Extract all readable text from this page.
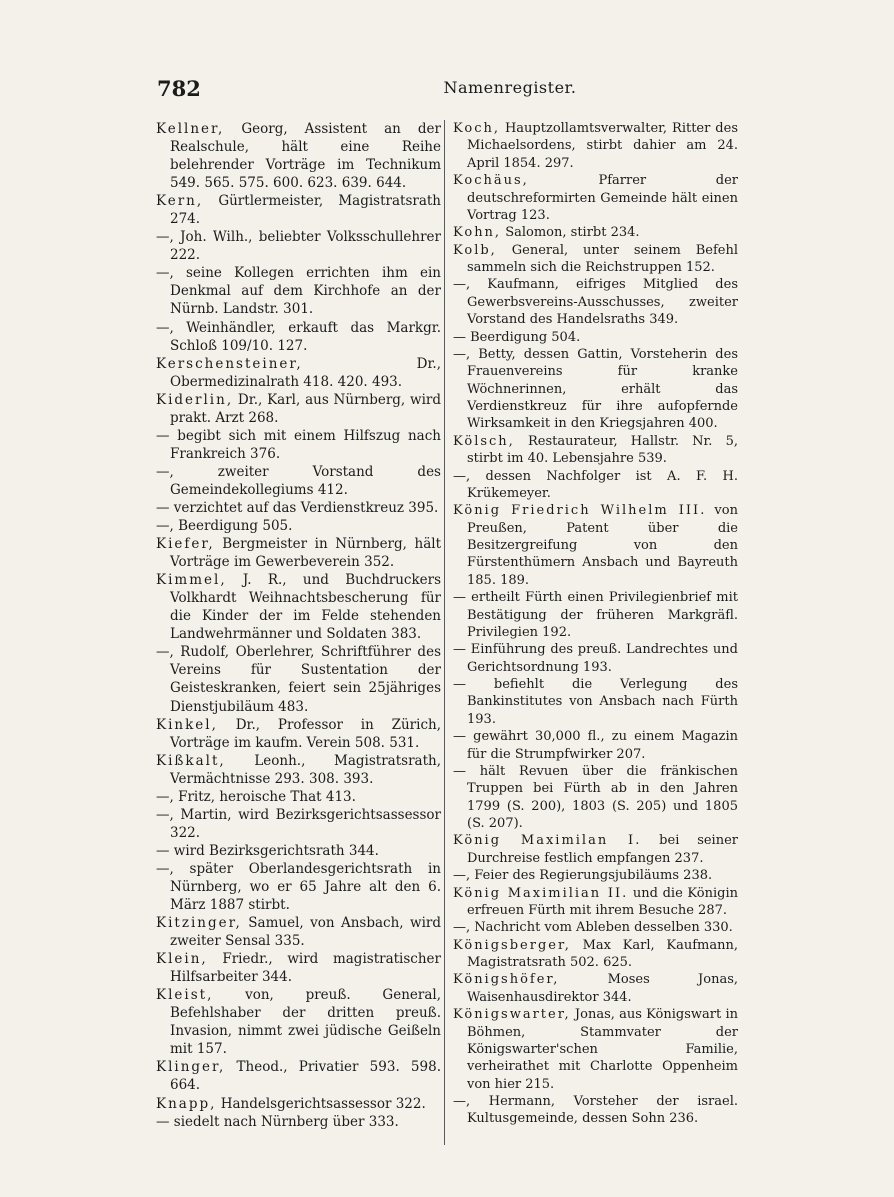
782	Namenregister.

Kellner, Georg, Assistent an der Realschule, hält eine Reihe belehrender Vorträge im Technikum 549. 565. 575. 600. 623. 639. 644.

Kern, Gürtlermeister, Magistratsrath 274.

—, Joh. Wilh., beliebter Volksschullehrer 222.

—, seine Kollegen errichten ihm ein Denkmal auf dem Kirchhofe an der Nürnb. Landstr. 301.

—, Weinhändler, erkauft das Markgr. Schloß 109/10. 127.

Kerschensteiner, Dr., Obermedizinalrath 418. 420. 493.

Kiderlin, Dr., Karl, aus Nürnberg, wird prakt. Arzt 268.

— begibt sich mit einem Hilfszug nach Frankreich 376.

—, zweiter Vorstand des Gemeindekollegiums 412.

— verzichtet auf das Verdienstkreuz 395.

—, Beerdigung 505.

Kiefer, Bergmeister in Nürnberg, hält Vorträge im Gewerbeverein 352.

Kimmel, J. R., und Buchdruckers Volkhardt Weihnachtsbescherung für die Kinder der im Felde stehenden Landwehrmänner und Soldaten 383.

—, Rudolf, Oberlehrer, Schriftführer des Vereins für Sustentation der Geisteskranken, feiert sein 25jähriges Dienstjubiläum 483.

Kinkel, Dr., Professor in Zürich, Vorträge im kaufm. Verein 508. 531.

Kißkalt, Leonh., Magistratsrath, Vermächtnisse 293. 308. 393.

—, Fritz, heroische That 413.

—, Martin, wird Bezirksgerichtsassessor 322.

— wird Bezirksgerichtsrath 344.

—, später Oberlandesgerichtsrath in Nürnberg, wo er 65 Jahre alt den 6. März 1887 stirbt.

Kitzinger, Samuel, von Ansbach, wird zweiter Sensal 335.

Klein, Friedr., wird magistratischer Hilfsarbeiter 344.

Kleist, von, preuß. General, Befehlshaber der dritten preuß. Invasion, nimmt zwei jüdische Geißeln mit 157.

Klinger, Theod., Privatier 593. 598. 664.

Knapp, Handelsgerichtsassessor 322.

— siedelt nach Nürnberg über 333.

Koch, Hauptzollamtsverwalter, Ritter des Michaelsordens, stirbt dahier am 24. April 1854. 297.

Kochäus, Pfarrer der deutschreformirten Gemeinde hält einen Vortrag 123.

Kohn, Salomon, stirbt 234.

Kolb, General, unter seinem Befehl sammeln sich die Reichstruppen 152.

—, Kaufmann, eifriges Mitglied des Gewerbsvereins-Ausschusses, zweiter Vorstand des Handelsraths 349.

— Beerdigung 504.

—, Betty, dessen Gattin, Vorsteherin des Frauenvereins für kranke Wöchnerinnen, erhält das Verdienstkreuz für ihre aufopfernde Wirksamkeit in den Kriegsjahren 400.

Kölsch, Restaurateur, Hallstr. Nr. 5, stirbt im 40. Lebensjahre 539.

—, dessen Nachfolger ist A. F. H. Krükemeyer.

König Friedrich Wilhelm III. von Preußen, Patent über die Besitzergreifung von den Fürstenthümern Ansbach und Bayreuth 185. 189.

— ertheilt Fürth einen Privilegienbrief mit Bestätigung der früheren Markgräfl. Privilegien 192.

— Einführung des preuß. Landrechtes und Gerichtsordnung 193.

— befiehlt die Verlegung des Bankinstitutes von Ansbach nach Fürth 193.

— gewährt 30,000 fl., zu einem Magazin für die Strumpfwirker 207.

— hält Revuen über die fränkischen Truppen bei Fürth ab in den Jahren 1799 (S. 200), 1803 (S. 205) und 1805 (S. 207).

König Maximilan I. bei seiner Durchreise festlich empfangen 237.

—, Feier des Regierungsjubiläums 238.

König Maximilian II. und die Königin erfreuen Fürth mit ihrem Besuche 287.

—, Nachricht vom Ableben desselben 330.

Königsberger, Max Karl, Kaufmann, Magistratsrath 502. 625.

Königshöfer, Moses Jonas, Waisenhausdirektor 344.

Königswarter, Jonas, aus Königswart in Böhmen, Stammvater der Königswarter'schen Familie, verheirathet mit Charlotte Oppenheim von hier 215.

—, Hermann, Vorsteher der israel. Kultusgemeinde, dessen Sohn 236.
